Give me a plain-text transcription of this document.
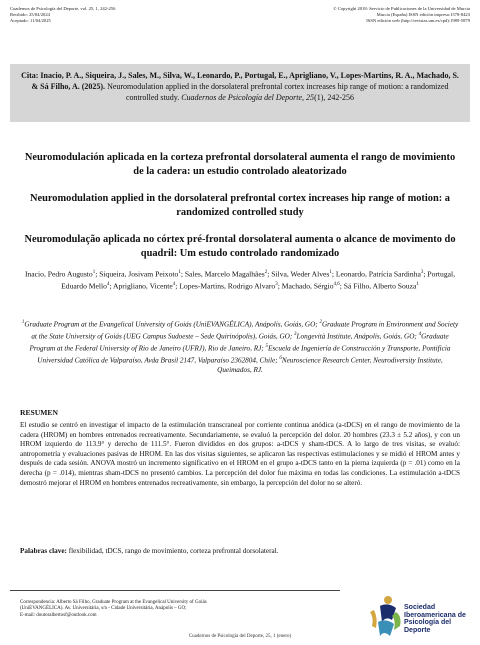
Cuadernos de Psicología del Deporte, vol. 25, 1, 242-256
Recibido: 25/04/2024
Aceptado: 11/04/2025
© Copyright 2018: Servicio de Publicaciones de la Universidad de Murcia
Murcia (España) ISSN edición impresa:1578-8423
ISSN edición web (http://revistas.um.es/cpd):1989-5879
Cita: Inacio, P. A., Siqueira, J., Sales, M., Silva, W., Leonardo, P., Portugal, E., Aprigliano, V., Lopes-Martins, R. A., Machado, S. & Sá Filho, A. (2025). Neuromodulation applied in the dorsolateral prefrontal cortex increases hip range of motion: a randomized controlled study. Cuadernos de Psicología del Deporte, 25(1), 242-256
Neuromodulación aplicada en la corteza prefrontal dorsolateral aumenta el rango de movimiento de la cadera: un estudio controlado aleatorizado
Neuromodulation applied in the dorsolateral prefrontal cortex increases hip range of motion: a randomized controlled study
Neuromodulação aplicada no córtex pré-frontal dorsolateral aumenta o alcance de movimento do quadril: Um estudo controlado randomizado
Inacio, Pedro Augusto$^1$; Siqueira, Josivam Peixoto$^1$; Sales, Marcelo Magalhães$^2$; Silva, Weder Alves$^1$; Leonardo, Patrícia Sardinha$^3$; Portugal, Eduardo Mello$^4$; Aprigliano, Vicente$^4$; Lopes-Martins, Rodrigo Alvaro$^3$; Machado, Sérgio$^{4,6}$; Sá Filho, Alberto Souza$^1$
$^1$Graduate Program at the Evangelical University of Goiás (UniEVANGÉLICA), Anápolis, Goiás, GO; $^2$Graduate Program in Environment and Society at the State University of Goiás (UEG Campus Sudoeste – Sede Quirinópolis), Goiás, GO; $^3$Longevità Institute, Anápolis, Goiás, GO; $^4$Graduate Program at the Federal University of Rio de Janeiro (UFRJ), Rio de Janeiro, RJ; $^5$Escuela de Ingeniería de Construcción y Transporte, Pontificia Universidad Católica de Valparaíso, Avda Brasil 2147, Valparaíso 2362804, Chile; $^6$Neuroscience Research Center, Neurodiversity Institute, Queimados, RJ.
RESUMEN
El estudio se centró en investigar el impacto de la estimulación transcraneal por corriente continua anódica (a-tDCS) en el rango de movimiento de la cadera (HROM) en hombres entrenados recreativamente. Secundariamente, se evaluó la percepción del dolor. 20 hombres (23.3 ± 5.2 años), y con un HROM izquierdo de 113.9° y derecho de 111.5°. Fueron divididos en dos grupos: a-tDCS y sham-tDCS. A lo largo de tres visitas, se evaluó: antropometría y evaluaciones pasivas de HROM. En las dos visitas siguientes, se aplicaron las respectivas estimulaciones y se midió el HROM antes y después de cada sesión. ANOVA mostró un incremento significativo en el HROM en el grupo a-tDCS tanto en la pierna izquierda (p = .01) como en la derecha (p = .014), mientras sham-tDCS no presentó cambios. La percepción del dolor fue máxima en todas las condiciones. La estimulación a-tDCS demostró mejorar el HROM en hombres entrenados recreativamente, sin embargo, la percepción del dolor no se alteró.
Palabras clave: flexibilidad, tDCS, rango de movimiento, corteza prefrontal dorsolateral.
Correspondencia: Alberto Sá Filho, Graduate Program at the Evangelical University of Goiás
(UniEVANGÉLICA). Av. Universitária, s/n - Cidade Universitária, Anápolis – GO;
E-mail: doutoralbertosf@outlook.com
Cuadernos de Psicología del Deporte, 25, 1 (enero)
Sociedad
Iberoamericana de
Psicología del
Deporte
